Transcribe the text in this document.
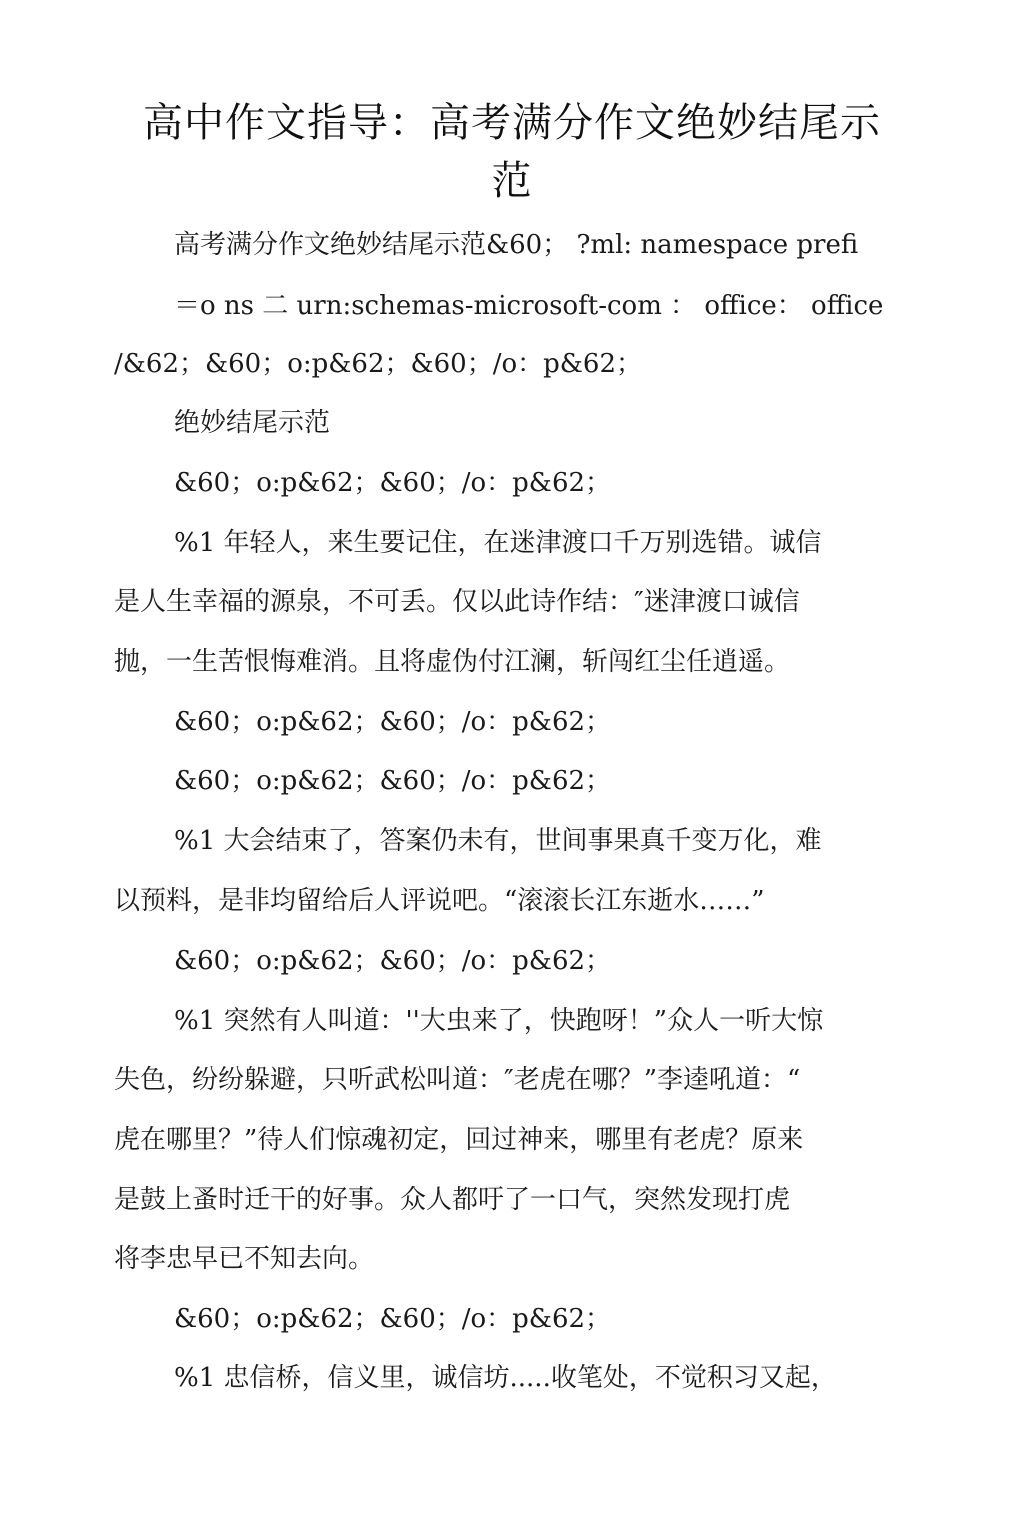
高中作文指导：高考满分作文绝妙结尾示
范

高考满分作文绝妙结尾示范&60； ?ml: namespace prefi

＝o ns 二 urn:schemas-microsoft-com ： office： office

/&62；&60；o:p&62；&60；/o：p&62；

绝妙结尾示范

&60；o:p&62；&60；/o：p&62；

%1 年轻人，来生要记住，在迷津渡口千万别选错。诚信

是人生幸福的源泉，不可丢。仅以此诗作结：″迷津渡口诚信

抛，一生苦恨悔难消。且将虚伪付江澜，斩闯红尘任逍遥。

&60；o:p&62；&60；/o：p&62；

&60；o:p&62；&60；/o：p&62；

%1 大会结束了，答案仍未有，世间事果真千变万化，难

以预料，是非均留给后人评说吧。“滚滚长江东逝水……”

&60；o:p&62；&60；/o：p&62；

%1 突然有人叫道：''大虫来了，快跑呀！”众人一听大惊

失色，纷纷躲避，只听武松叫道：″老虎在哪？”李逵吼道：“

虎在哪里？”待人们惊魂初定，回过神来，哪里有老虎？原来

是鼓上蚤时迁干的好事。众人都吁了一口气，突然发现打虎

将李忠早已不知去向。

&60；o:p&62；&60；/o：p&62；

%1 忠信桥，信义里，诚信坊.....收笔处，不觉积习又起，
